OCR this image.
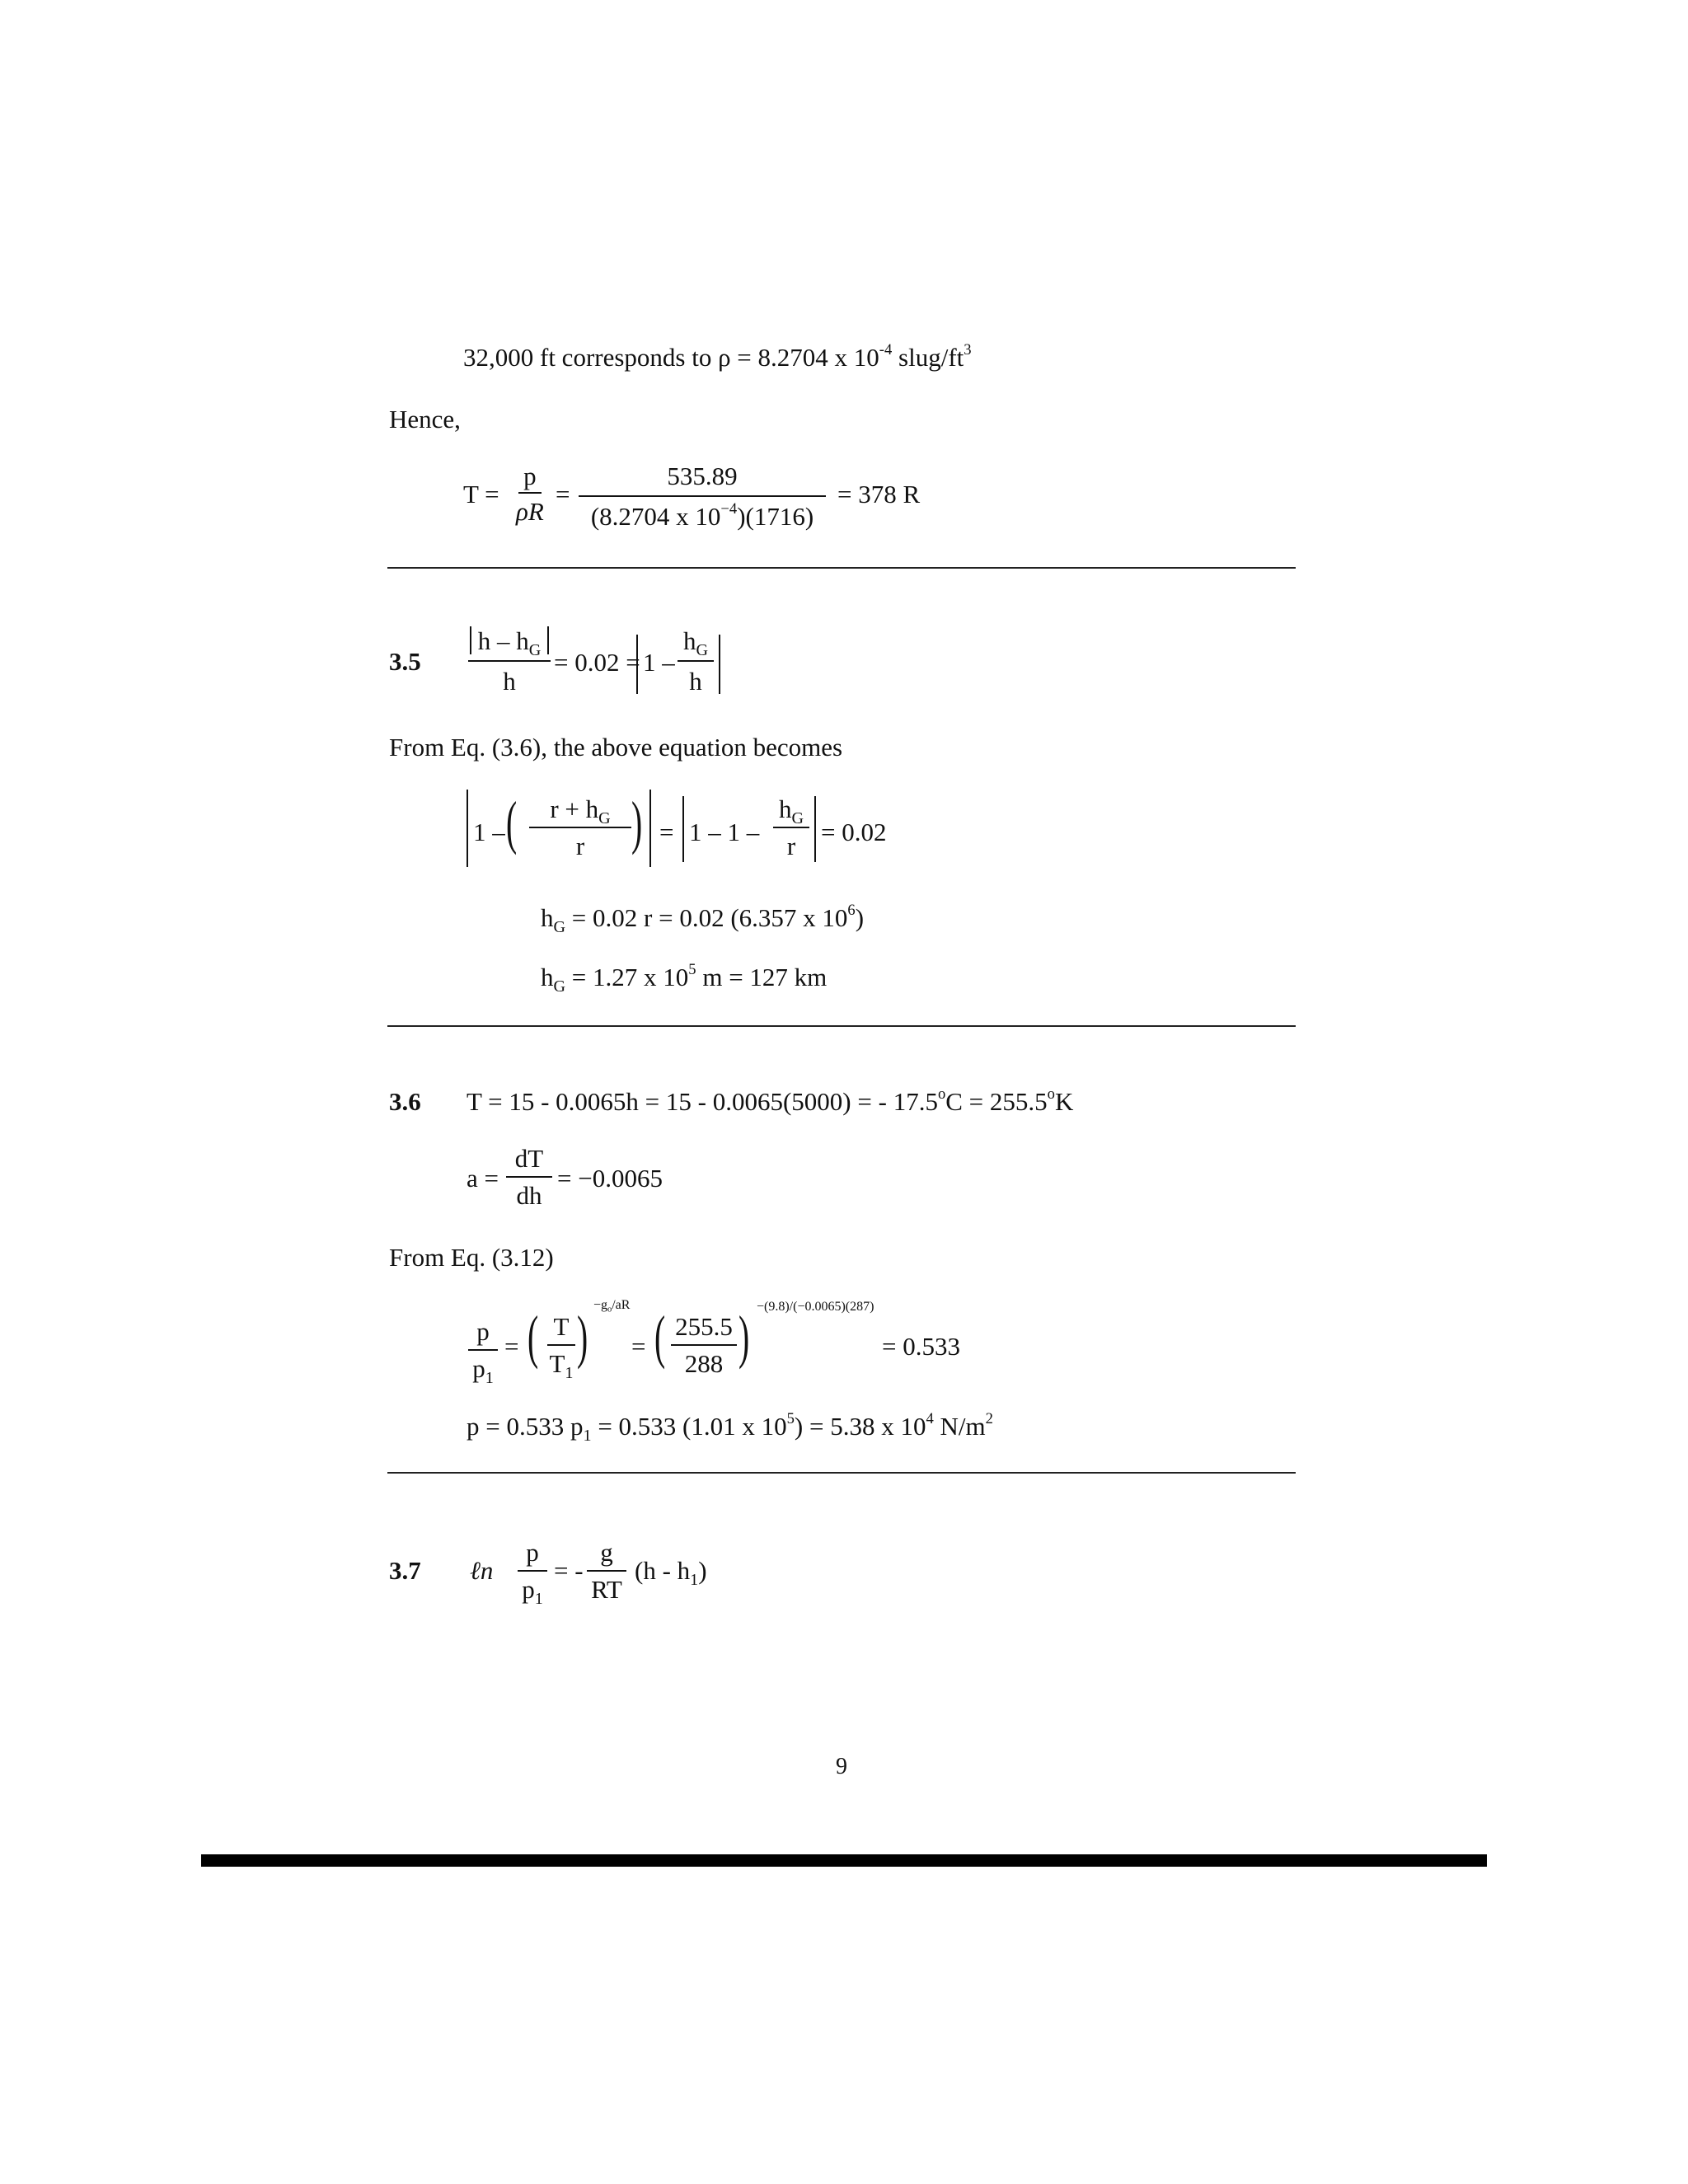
32,000 ft corresponds to ρ = 8.2704 x $10^{-4}$ slug/$ft^3$
Hence,
$T = \frac{p}{\rho R}$ =
535.89
(8.2704 x $10^{-4})(1716)$
= 378 R
3.5
h – $h_G$
h
= 0.02 = 1 –
$h_G$
h
From Eq. (3.6), the above equation becomes
1 – (	$r + h_G$
r ) = 1 – 1 –
$h_G$
r = 0.02
$h_G = 0.02$ r = 0.02 (6.357 x $10^6$)
$h_G = 1.27$ x $10^5$ m = 127 km
3.6 T = 15 - 0.0065h = 15 - 0.0065(5000) = - $17.5^oC = 255.5^oK$
a =
dT
dh
= −0.0065
From Eq. (3.12)
p
$p_1$
= ( T
$T_1$
) $-g_o/aR$
= ( 255.5
288 ) −(9.8)/(−0.0065)(287)
= 0.533
p = 0.533 $p_1 = 0.533$ (1.01 x $10^5) = 5.38$ x $10^4$ $N/m^2$
3.7 ℓn
p
$p_1$
= -
g
RT
$(h - h_1)$
9
